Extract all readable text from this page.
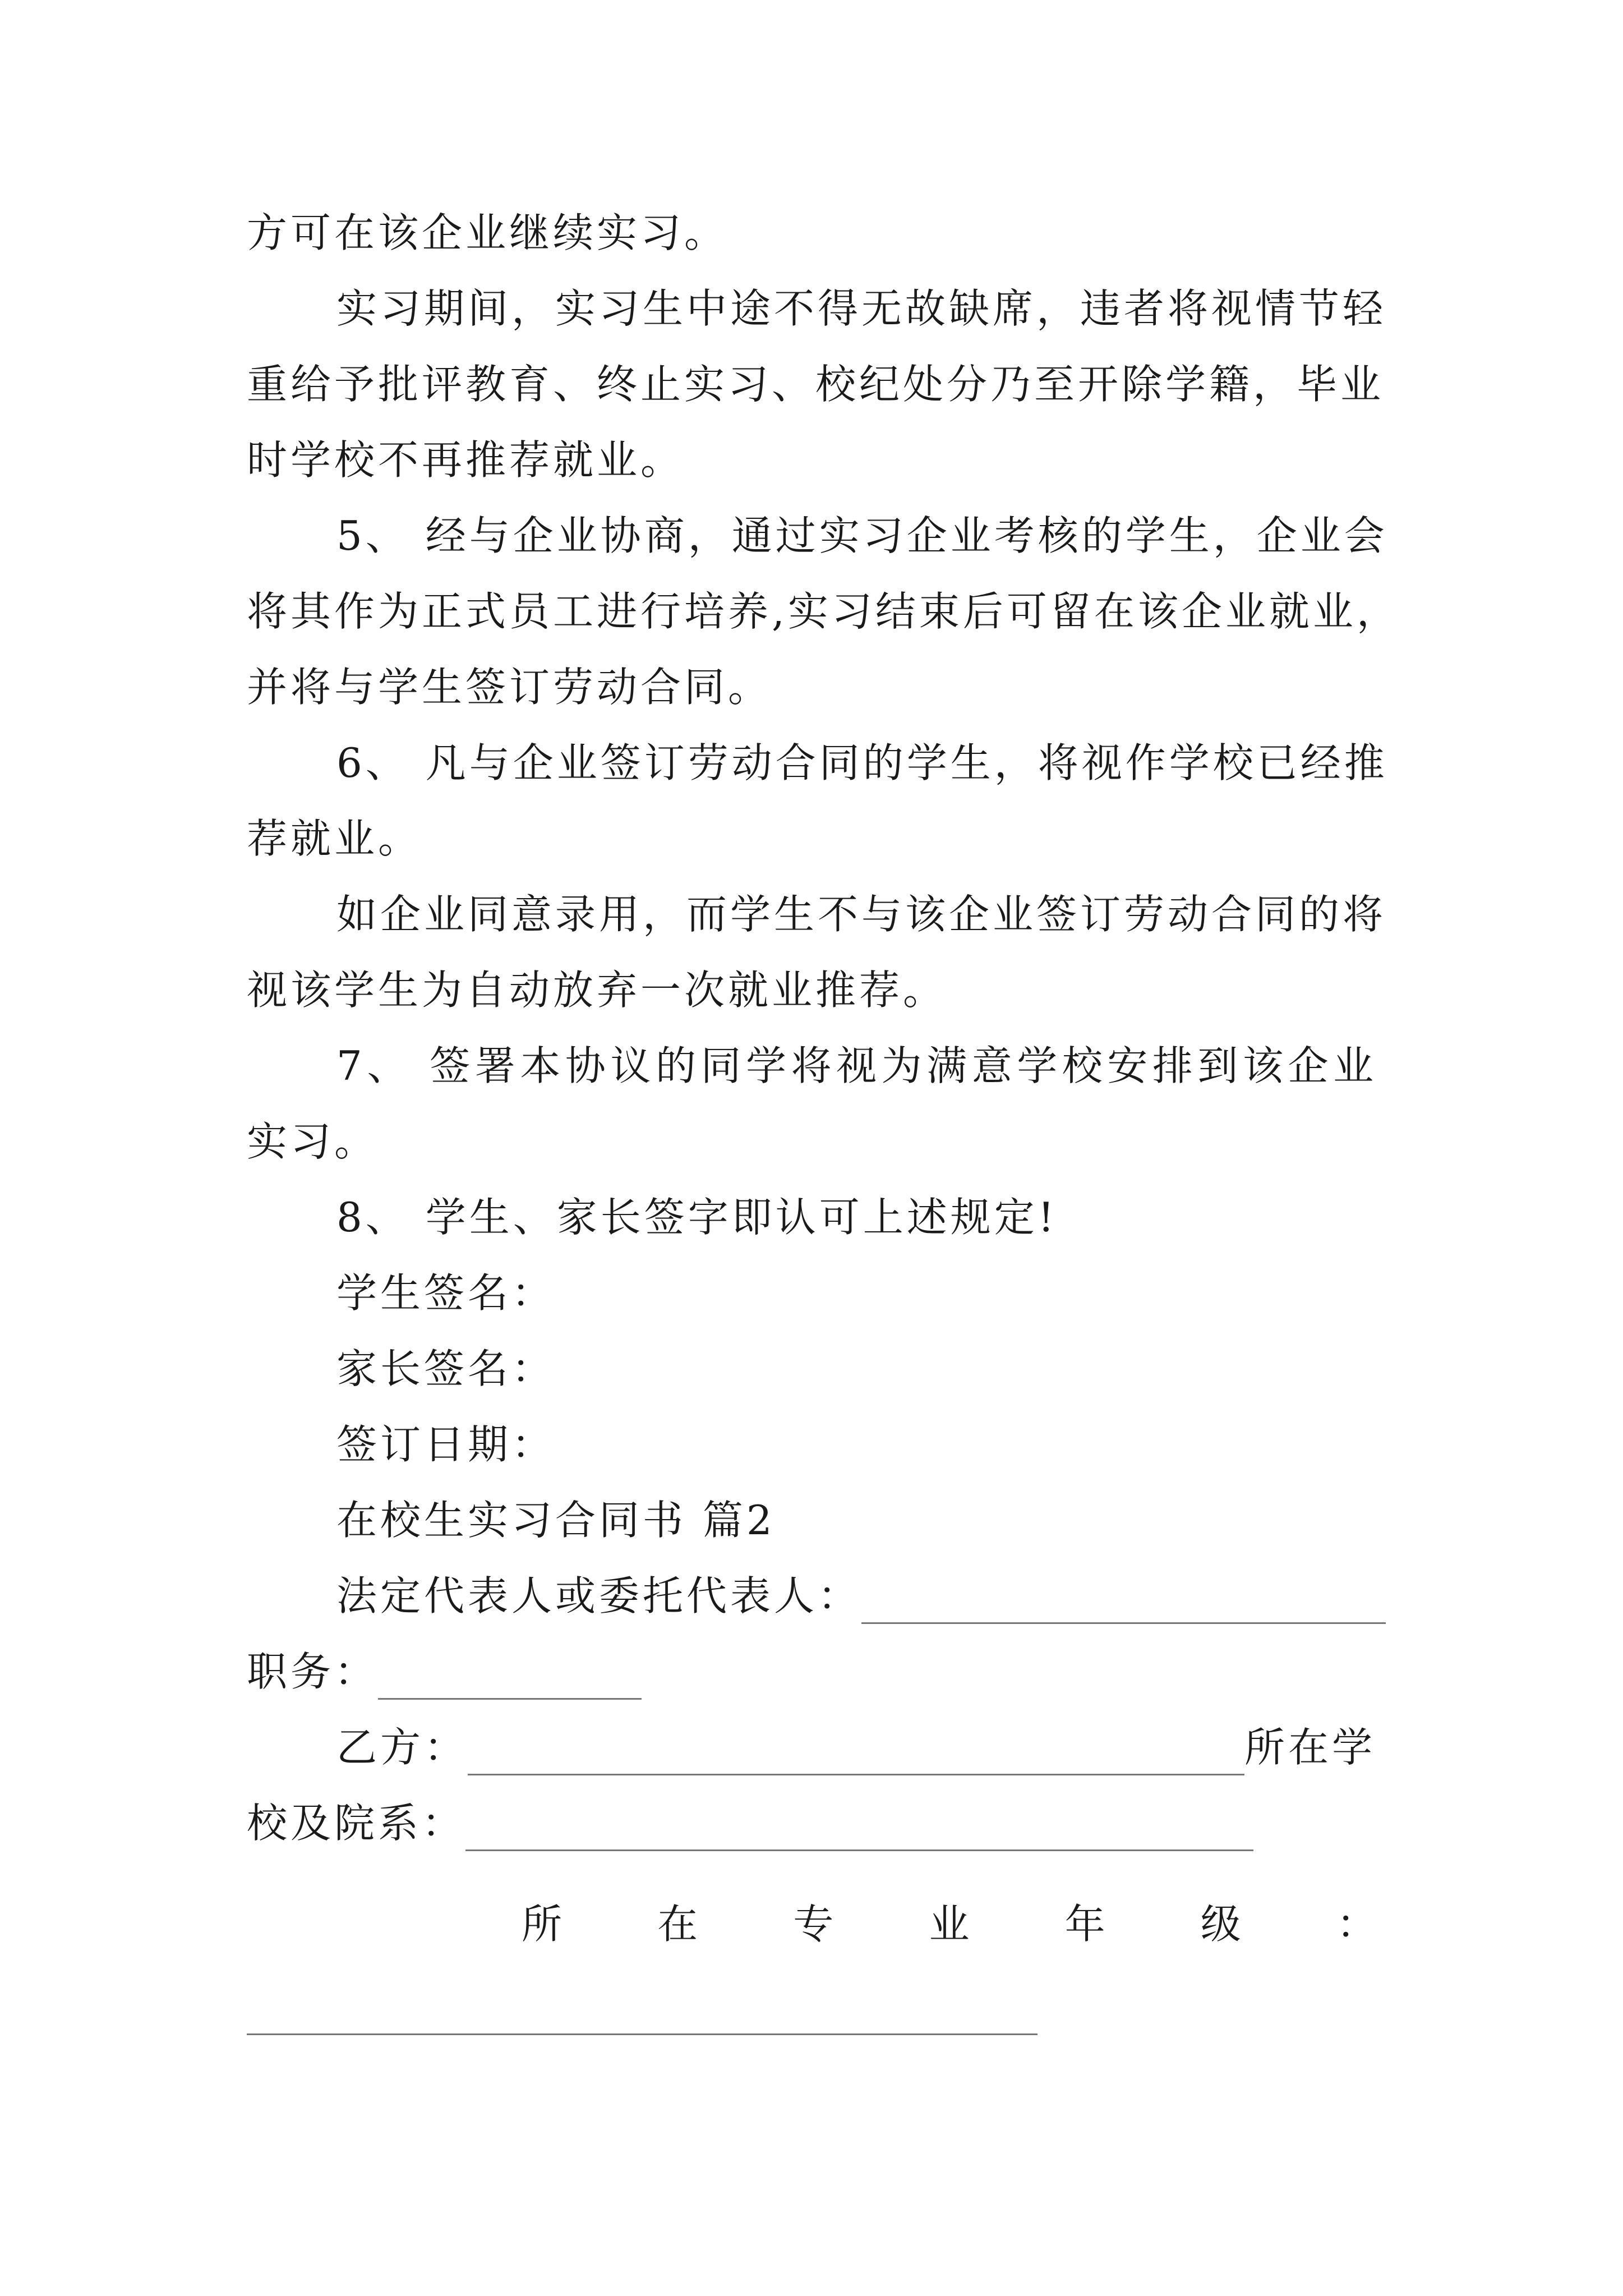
方可在该企业继续实习。
实习期间，实习生中途不得无故缺席，违者将视情节轻
重给予批评教育、终止实习、校纪处分乃至开除学籍，毕业
时学校不再推荐就业。
5、 经与企业协商，通过实习企业考核的学生，企业会
将其作为正式员工进行培养,实习结束后可留在该企业就业，
并将与学生签订劳动合同。
6、 凡与企业签订劳动合同的学生，将视作学校已经推
荐就业。
如企业同意录用，而学生不与该企业签订劳动合同的将
视该学生为自动放弃一次就业推荐。
7、 签署本协议的同学将视为满意学校安排到该企业
实习。
8、 学生、家长签字即认可上述规定!
学生签名：
家长签名：
签订日期：
在校生实习合同书 篇2
法定代表人或委托代表人：
职务：
乙方：	所在学
校及院系：
所 在 专 业 年 级 ：
